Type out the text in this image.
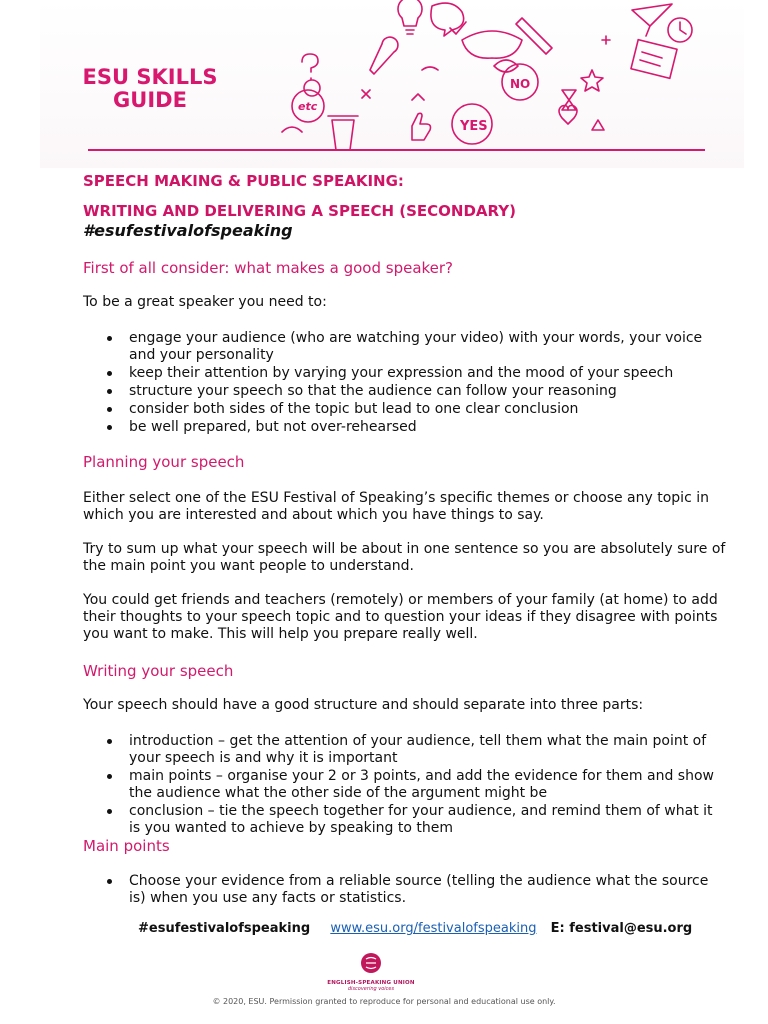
ESU SKILLS
GUIDE
YES
NO
etc
SPEECH MAKING & PUBLIC SPEAKING:
WRITING AND DELIVERING A SPEECH (SECONDARY)
#esufestivalofspeaking
First of all consider: what makes a good speaker?

To be a great speaker you need to:

engage your audience (who are watching your video) with your words, your voice and your personality
keep their attention by varying your expression and the mood of your speech
structure your speech so that the audience can follow your reasoning
consider both sides of the topic but lead to one clear conclusion
be well prepared, but not over-rehearsed
Planning your speech

Either select one of the ESU Festival of Speaking’s specific themes or choose any topic in which you are interested and about which you have things to say.

Try to sum up what your speech will be about in one sentence so you are absolutely sure of the main point you want people to understand.

You could get friends and teachers (remotely) or members of your family (at home) to add their thoughts to your speech topic and to question your ideas if they disagree with points you want to make. This will help you prepare really well.

Writing your speech

Your speech should have a good structure and should separate into three parts:

introduction – get the attention of your audience, tell them what the main point of your speech is and why it is important
main points – organise your 2 or 3 points, and add the evidence for them and show the audience what the other side of the argument might be
conclusion – tie the speech together for your audience, and remind them of what it is you wanted to achieve by speaking to them
Main points
Choose your evidence from a reliable source (telling the audience what the source is) when you use any facts or statistics.
#esufestivalofspeaking www.esu.org/festivalofspeaking E: festival@esu.org
ENGLISH-SPEAKING UNION
discovering voices
© 2020, ESU. Permission granted to reproduce for personal and educational use only.
